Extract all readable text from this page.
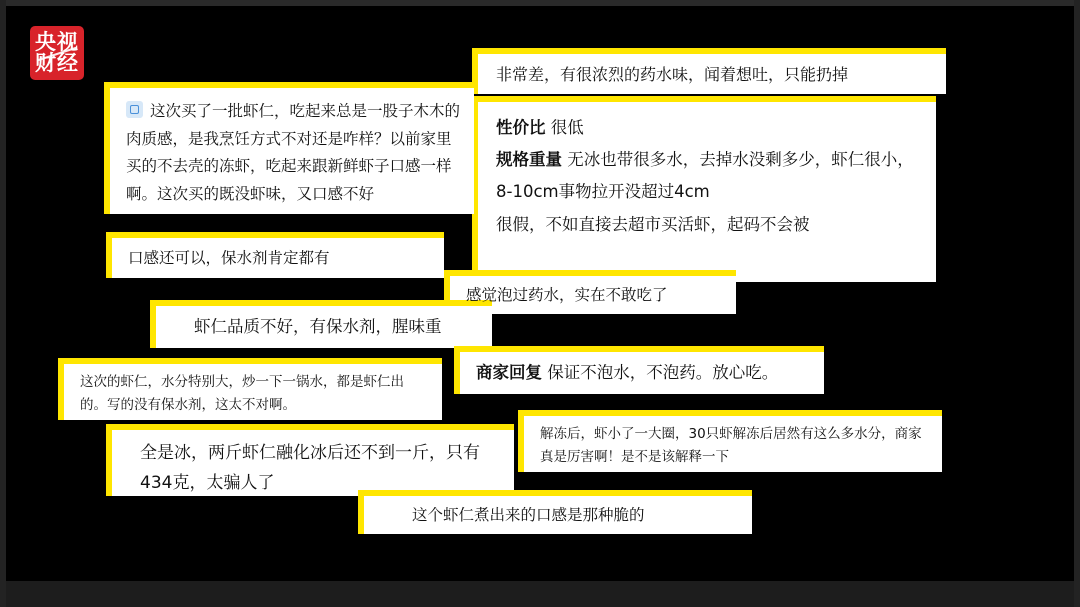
央视
财经	非常差，有很浓烈的药水味，闻着想吐，只能扔掉
性价比 很低
规格重量 无冰也带很多水，去掉水没剩多少，虾仁很小，8-10cm事物拉开没超过4cm
很假，不如直接去超市买活虾，起码不会被
这次买了一批虾仁，吃起来总是一股子木木的肉质感，是我烹饪方式不对还是咋样？以前家里买的不去壳的冻虾，吃起来跟新鲜虾子口感一样啊。这次买的既没虾味，又口感不好
口感还可以，保水剂肯定都有
感觉泡过药水，实在不敢吃了
虾仁品质不好，有保水剂，腥味重
商家回复 保证不泡水，不泡药。放心吃。
这次的虾仁，水分特别大，炒一下一锅水，都是虾仁出的。写的没有保水剂，这太不对啊。
解冻后，虾小了一大圈，30只虾解冻后居然有这么多水分，商家真是厉害啊！是不是该解释一下
全是冰，两斤虾仁融化冰后还不到一斤，只有434克，太骗人了
这个虾仁煮出来的口感是那种脆的
